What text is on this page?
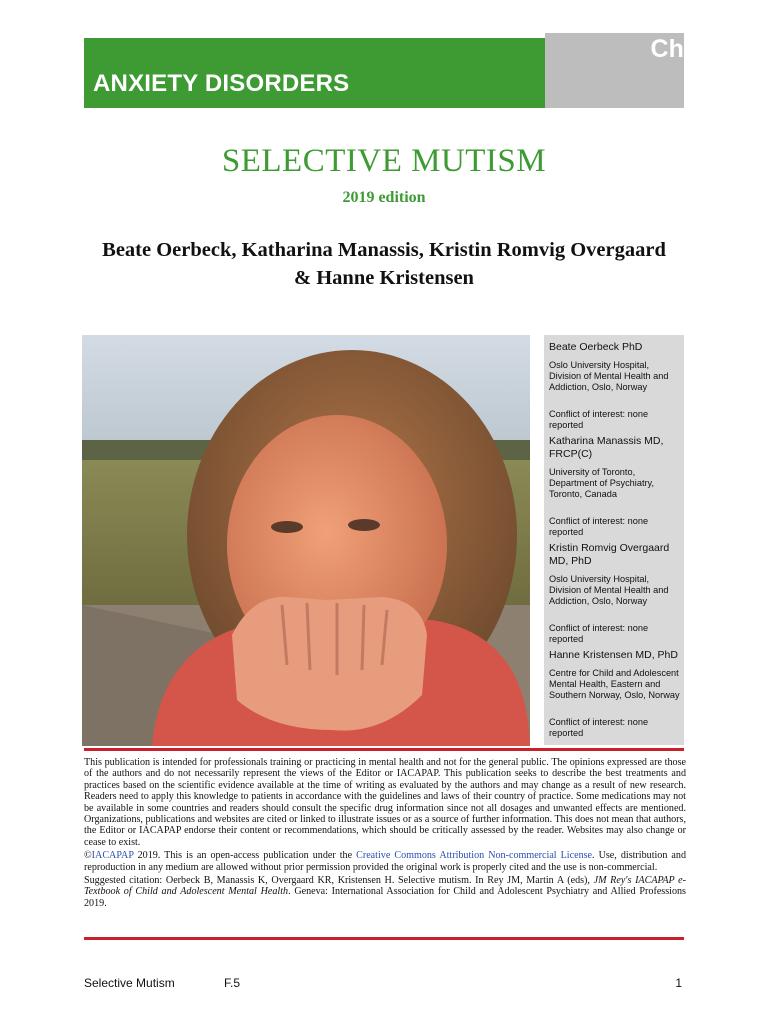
ANXIETY DISORDERS
Chapter
F.5
SELECTIVE MUTISM
2019 edition
Beate Oerbeck, Katharina Manassis, Kristin Romvig Overgaard
& Hanne Kristensen
Beate Oerbeck PhD
Oslo University Hospital, Division of Mental Health and Addiction, Oslo, Norway
Conflict of interest: none reported
Katharina Manassis MD, FRCP(C)
University of Toronto, Department of Psychiatry, Toronto, Canada
Conflict of interest: none reported
Kristin Romvig Overgaard MD, PhD
Oslo University Hospital, Division of Mental Health and Addiction, Oslo, Norway
Conflict of interest: none reported
Hanne Kristensen MD, PhD
Centre for Child and Adolescent Mental Health, Eastern and Southern Norway, Oslo, Norway
Conflict of interest: none reported

This publication is intended for professionals training or practicing in mental health and not for the general public. The opinions expressed are those of the authors and do not necessarily represent the views of the Editor or IACAPAP. This publication seeks to describe the best treatments and practices based on the scientific evidence available at the time of writing as evaluated by the authors and may change as a result of new research. Readers need to apply this knowledge to patients in accordance with the guidelines and laws of their country of practice. Some medications may not be available in some countries and readers should consult the specific drug information since not all dosages and unwanted effects are mentioned. Organizations, publications and websites are cited or linked to illustrate issues or as a source of further information. This does not mean that authors, the Editor or IACAPAP endorse their content or recommendations, which should be critically assessed by the reader. Websites may also change or cease to exist.

©IACAPAP 2019. This is an open-access publication under the Creative Commons Attribution Non-commercial License. Use, distribution and reproduction in any medium are allowed without prior permission provided the original work is properly cited and the use is non-commercial.

Suggested citation: Oerbeck B, Manassis K, Overgaard KR, Kristensen H. Selective mutism. In Rey JM, Martin A (eds), JM Rey's IACAPAP e-Textbook of Child and Adolescent Mental Health. Geneva: International Association for Child and Adolescent Psychiatry and Allied Professions 2019.

Selective Mutism	F.5	1
